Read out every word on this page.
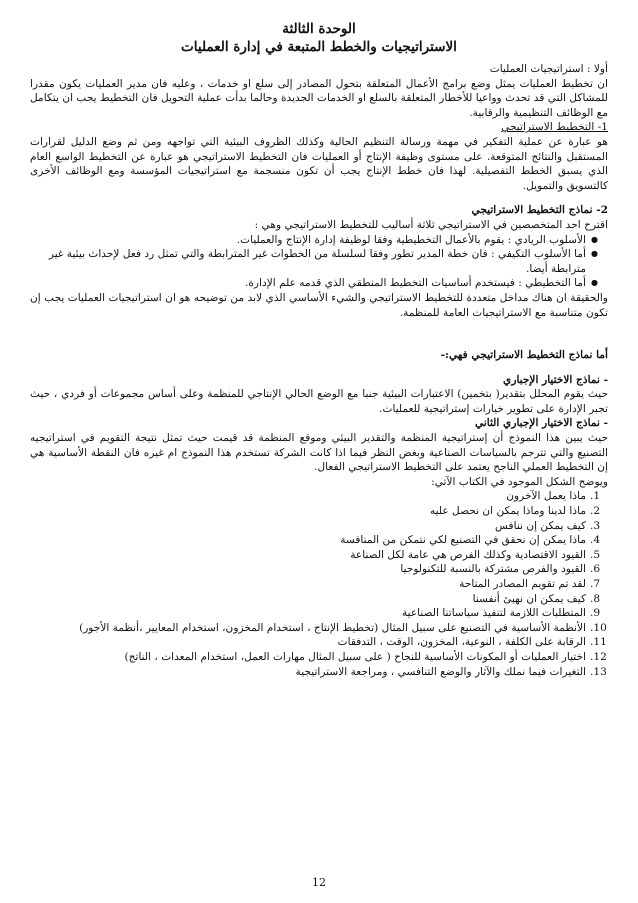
الوحدة الثالثة
الاستراتيجيات والخطط المتبعة في إدارة العمليات

أولا : استراتيجيات العمليات

ان تخطيط العمليات يمثل وضع برامج الأعمال المتعلقة بتحول المصادر إلى سلع او خدمات ، وعليه فان مدير العمليات يكون مقدرا للمشاكل التي قد تحدث وواعيا للأخطار المتعلقة بالسلع او الخدمات الجديدة وحالما بدأت عملية التحويل فان التخطيط يجب ان يتكامل مع الوظائف التنظيمية والرقابية.

1- التخطيط الاستراتيجي

هو عبارة عن عملية التفكير في مهمة ورسالة التنظيم الحالية وكذلك الظروف البيئية التي تواجهه ومن ثم وضع الدليل لقرارات المستقبل والنتائج المتوقعة. على مستوى وظيفة الإنتاج أو العمليات فان التخطيط الاستراتيجي هو عبارة عن التخطيط الواسع العام الذي يسبق الخطط التفصيلية. لهذا فان خطط الإنتاج يجب أن تكون منسجمة مع استراتيجيات المؤسسة ومع الوظائف الأخرى كالتسويق والتمويل.

2- نماذج التخطيط الاستراتيجي

اقترح احد المتخصصين في الاستراتيجي ثلاثة أساليب للتخطيط الاستراتيجي وهي :

● الأسلوب الريادي : يقوم بالأعمال التخطيطية وفقا لوظيفة إدارة الإنتاج والعمليات.
● أما الأسلوب التكيفي : فان خطة المدير تطور وفقا لسلسلة من الخطوات غير المترابطة والتي تمثل رد فعل لإحداث بيئية غير مترابطة أيضا.
● أما التخطيطي : فيستخدم أساسيات التخطيط المنطقي الذي قدمه علم الإدارة.

والحقيقة ان هناك مداخل متعددة للتخطيط الاستراتيجي والشيء الأساسي الذي لابد من توضيحه هو ان استراتيجيات العمليات يجب إن تكون متناسبة مع الاستراتيجيات العامة للمنظمة.

أما نماذج التخطيط الاستراتيجي فهي:-

- نماذج الاختيار الإجباري

حيث يقوم المحلل بتقدير( بتخمين) الاعتبارات البيئية جنبا مع الوضع الحالي الإنتاجي للمنظمة وعلى أساس مجموعات أو فردي ، حيث تجبر الإدارة على تطوير خيارات إستراتيجية للعمليات.

- نماذج الاختيار الإجباري الثاني

حيث يبين هذا النموذج أن إستراتيجية المنظمة والتقدير البيئي وموقع المنظمة قد قيمت حيث تمثل نتيجة التقويم في استراتيجيه التصنيع والتي تترجم بالسياسات الصناعية وبغض النظر فيما اذا كانت الشركة تستخدم هذا النموذج ام غيره فان النقطة الأساسية هي إن التخطيط العملي الناجح يعتمد على التخطيط الاستراتيجي الفعال.

ويوضح الشكل الموجود في الكتاب الآتي:

1.
ماذا يعمل الآخرون
2.
ماذا لدينا وماذا يمكن ان نحصل عليه
3.
كيف يمكن إن ننافس
4.
ماذا يمكن إن نحقق في التصنيع لكي نتمكن من المنافسة
5.
القيود الاقتصادية وكذلك الفرص هي عامة لكل الصناعة
6.
القيود والفرص مشتركة بالنسبة للتكنولوجيا
7.
لقد تم تقويم المصادر المتاحة
8.
كيف يمكن ان نهيئ أنفسنا
9.
المتطلبات اللازمة لتنفيذ سياساتنا الصناعية
10.
الأنظمة الأساسية في التصنيع على سبيل المثال (تخطيط الإنتاج ، استخدام المخزون، استخدام المعايير ،أنظمة الأجور)
11.
الرقابة على الكلفة ، النوعية، المخزون، الوقت ، التدفقات
12.
اختيار العمليات أو المكونات الأساسية للنجاح ( على سبيل المثال مهارات العمل، استخدام المعدات ، الناتج)
13.
التغيرات فيما نملك والآثار والوضع التنافسي ، ومراجعة الاستراتيجية
12
